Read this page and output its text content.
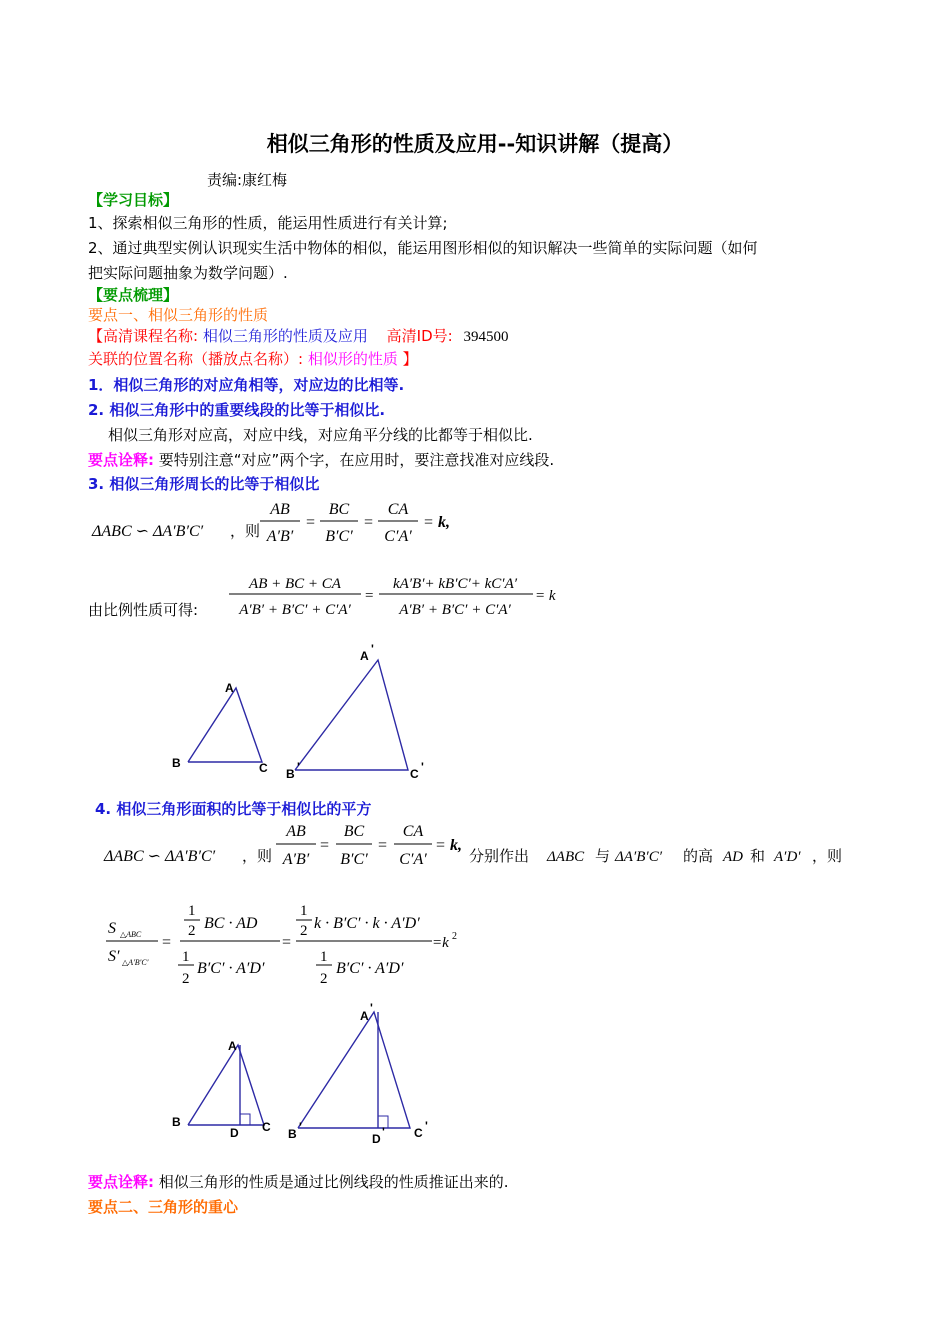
相似三角形的性质及应用--知识讲解（提高）
责编:康红梅
【学习目标】
1、探索相似三角形的性质，能运用性质进行有关计算;
2、通过典型实例认识现实生活中物体的相似，能运用图形相似的知识解决一些简单的实际问题（如何
把实际问题抽象为数学问题）.
【要点梳理】
要点一、相似三角形的性质
【高清课程名称: 相似三角形的性质及应用 高清ID号: 394500
关联的位置名称（播放点名称）: 相似形的性质 】
1．相似三角形的对应角相等，对应边的比相等.
2. 相似三角形中的重要线段的比等于相似比.
相似三角形对应高，对应中线，对应角平分线的比都等于相似比.
要点诠释: 要特别注意“对应”两个字，在应用时，要注意找准对应线段.
3. 相似三角形周长的比等于相似比
ΔABC ∽ ΔA′B′C′ ，则
AB
A′B′
=
BC
B′C′
=
CA
C′A′
= k,
由比例性质可得:
AB + BC + CA
A′B′ + B′C′ + C′A′
=
kA′B′+ kB′C′+ kC′A′
A′B′ + B′C′ + C′A′
= k
A
B	C
A '
B '	C '
4. 相似三角形面积的比等于相似比的平方
ΔABC ∽ ΔA′B′C′ ，则
AB
A′B′
=
BC
B′C′
=
CA
C′A′
= k,
分别作出 ΔABC 与 ΔA′B′C′ 的高 AD 和 A′D′ ，则
S △ABC
S′ △A′B′C′
=
1
2 BC · AD
1
2
B′C′ · A′D′
=
1
2 k · B′C′ · k · A′D′
1
2
B′C′ · A′D′
=k 2
A
B	C
D
A
'
B '	C '
D '
要点诠释: 相似三角形的性质是通过比例线段的性质推证出来的.
要点二、三角形的重心
